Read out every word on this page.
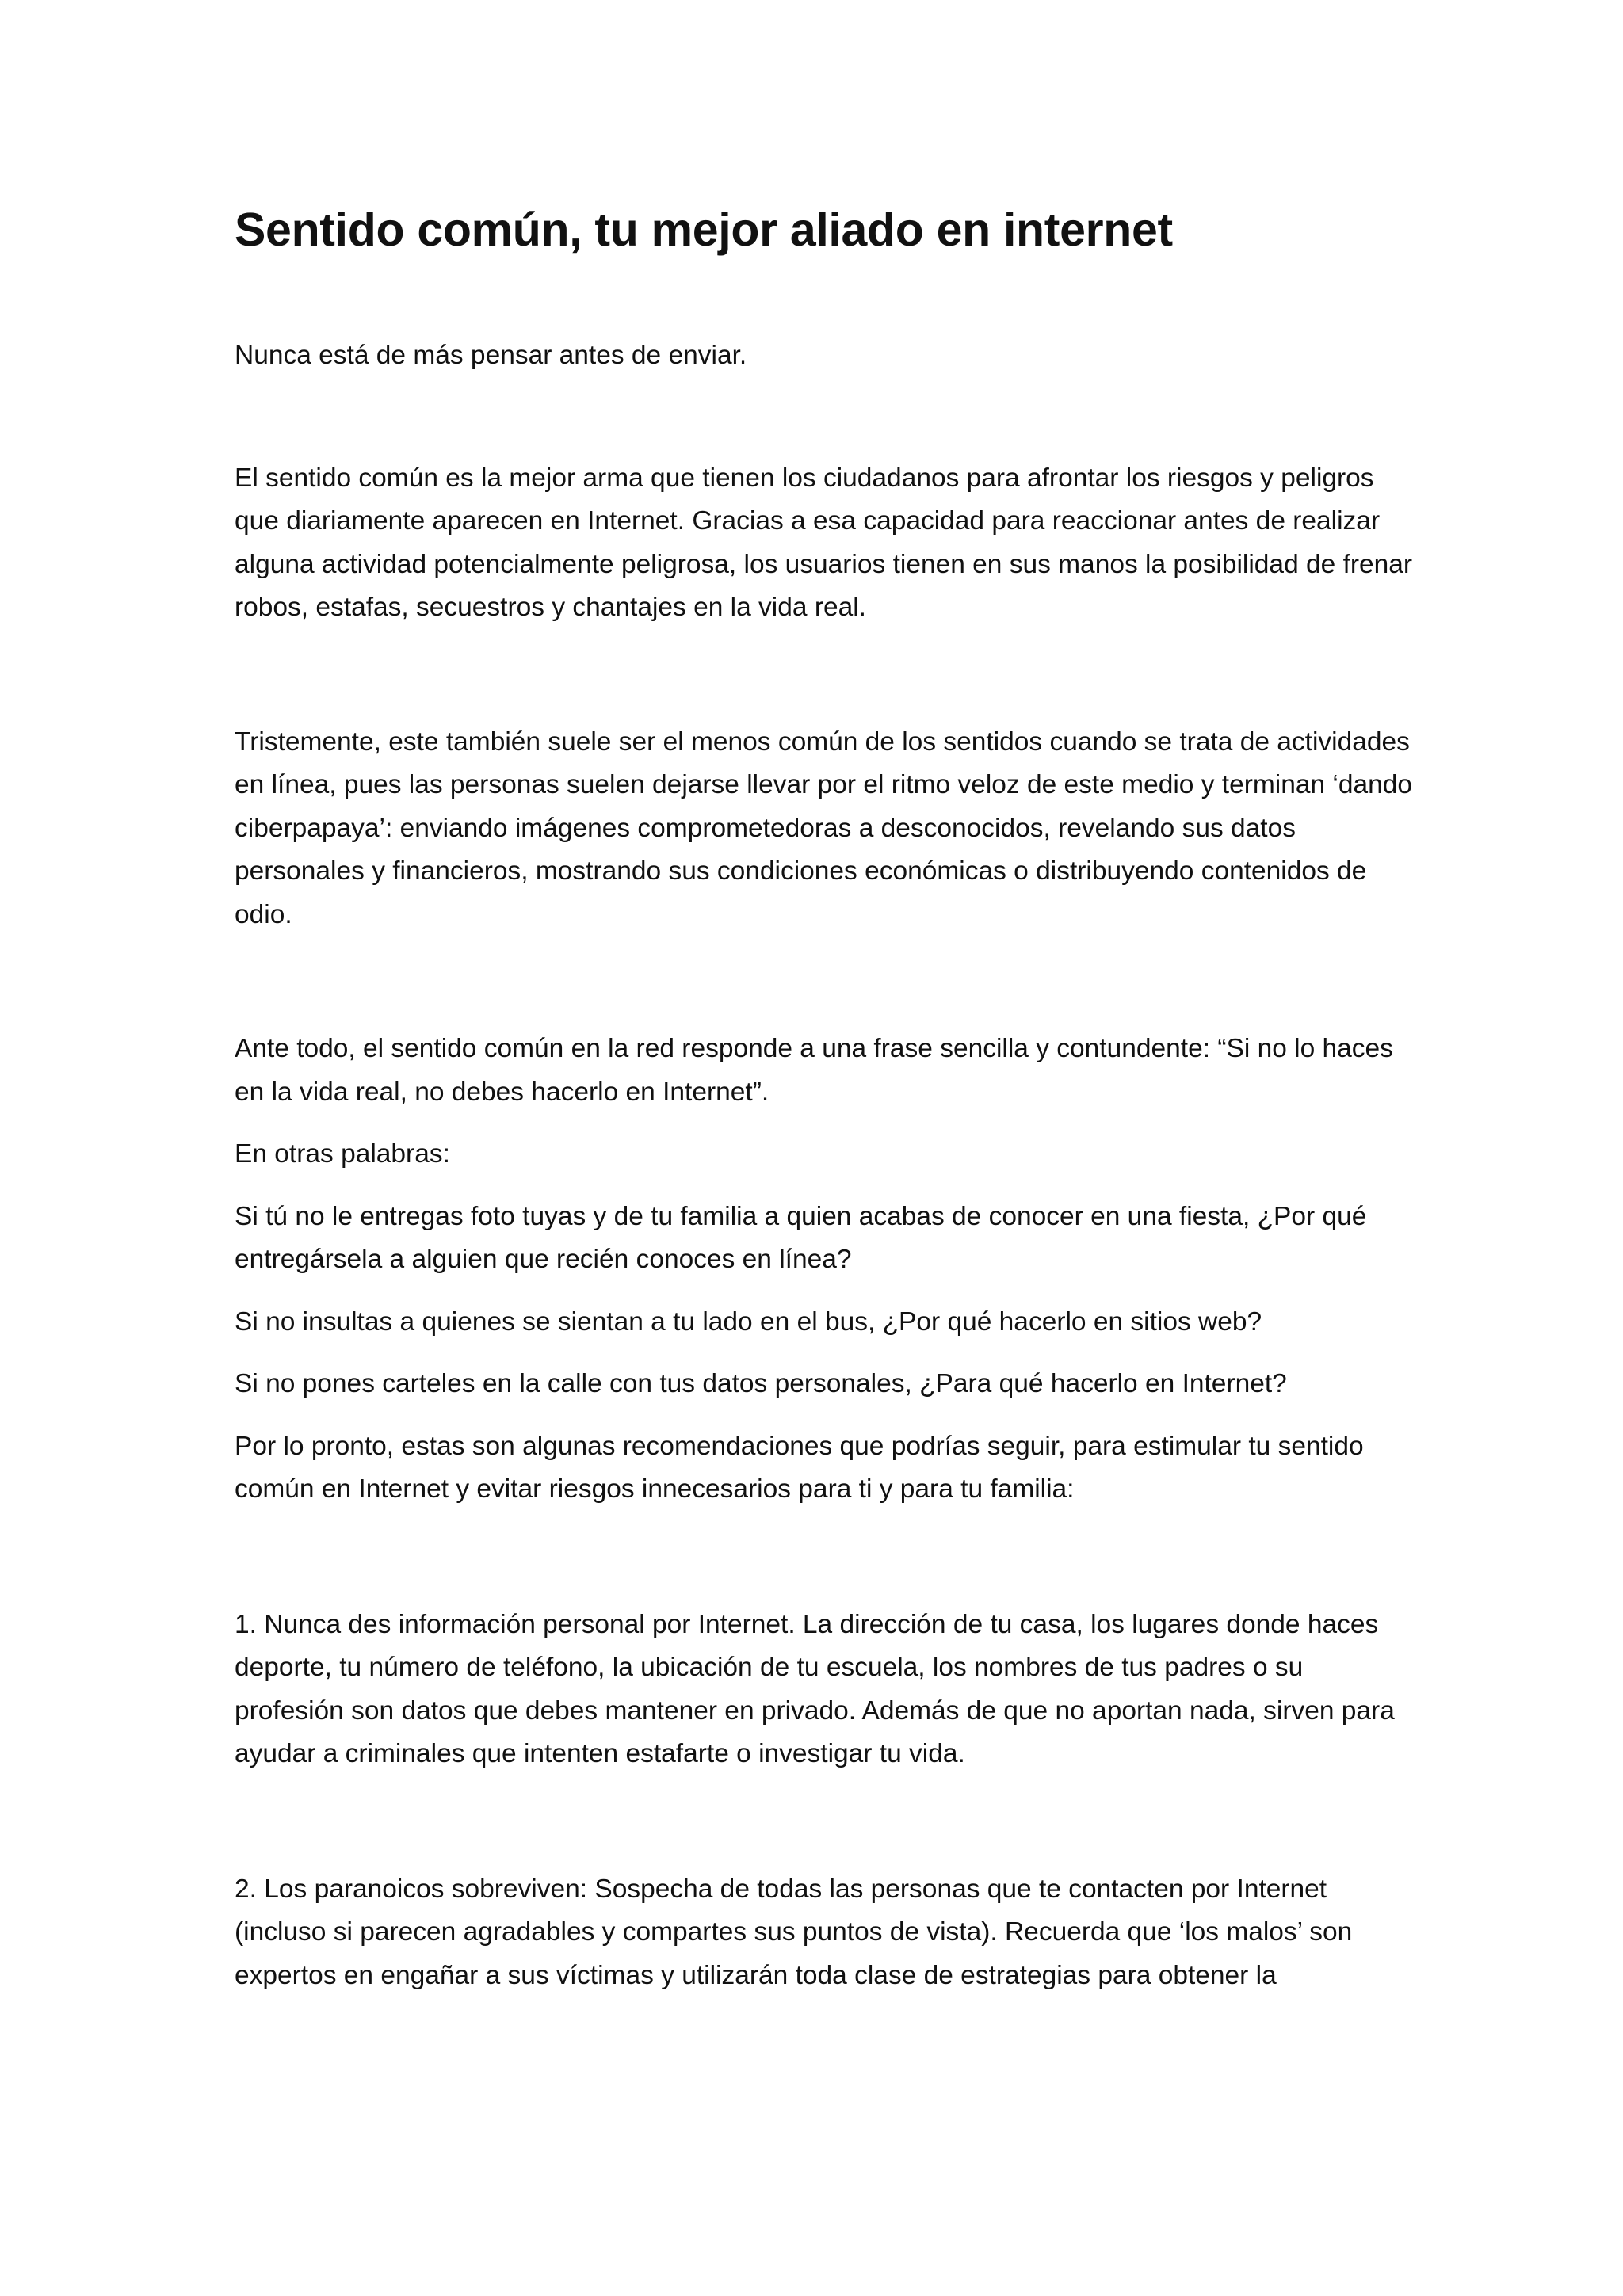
Sentido común, tu mejor aliado en internet

Nunca está de más pensar antes de enviar.

El sentido común es la mejor arma que tienen los ciudadanos para afrontar los riesgos y peligros que diariamente aparecen en Internet. Gracias a esa capacidad para reaccionar antes de realizar alguna actividad potencialmente peligrosa, los usuarios tienen en sus manos la posibilidad de frenar robos, estafas, secuestros y chantajes en la vida real.

Tristemente, este también suele ser el menos común de los sentidos cuando se trata de actividades en línea, pues las personas suelen dejarse llevar por el ritmo veloz de este medio y terminan ‘dando ciberpapaya’: enviando imágenes comprometedoras a desconocidos, revelando sus datos personales y financieros, mostrando sus condiciones económicas o distribuyendo contenidos de odio.

Ante todo, el sentido común en la red responde a una frase sencilla y contundente: “Si no lo haces en la vida real, no debes hacerlo en Internet”.

En otras palabras:

Si tú no le entregas foto tuyas y de tu familia a quien acabas de conocer en una fiesta, ¿Por qué entregársela a alguien que recién conoces en línea?

Si no insultas a quienes se sientan a tu lado en el bus, ¿Por qué hacerlo en sitios web?

Si no pones carteles en la calle con tus datos personales, ¿Para qué hacerlo en Internet?

Por lo pronto, estas son algunas recomendaciones que podrías seguir, para estimular tu sentido común en Internet y evitar riesgos innecesarios para ti y para tu familia:

1. Nunca des información personal por Internet. La dirección de tu casa, los lugares donde haces deporte, tu número de teléfono, la ubicación de tu escuela, los nombres de tus padres o su profesión son datos que debes mantener en privado. Además de que no aportan nada, sirven para ayudar a criminales que intenten estafarte o investigar tu vida.

2. Los paranoicos sobreviven: Sospecha de todas las personas que te contacten por Internet (incluso si parecen agradables y compartes sus puntos de vista). Recuerda que ‘los malos’ son expertos en engañar a sus víctimas y utilizarán toda clase de estrategias para obtener la
